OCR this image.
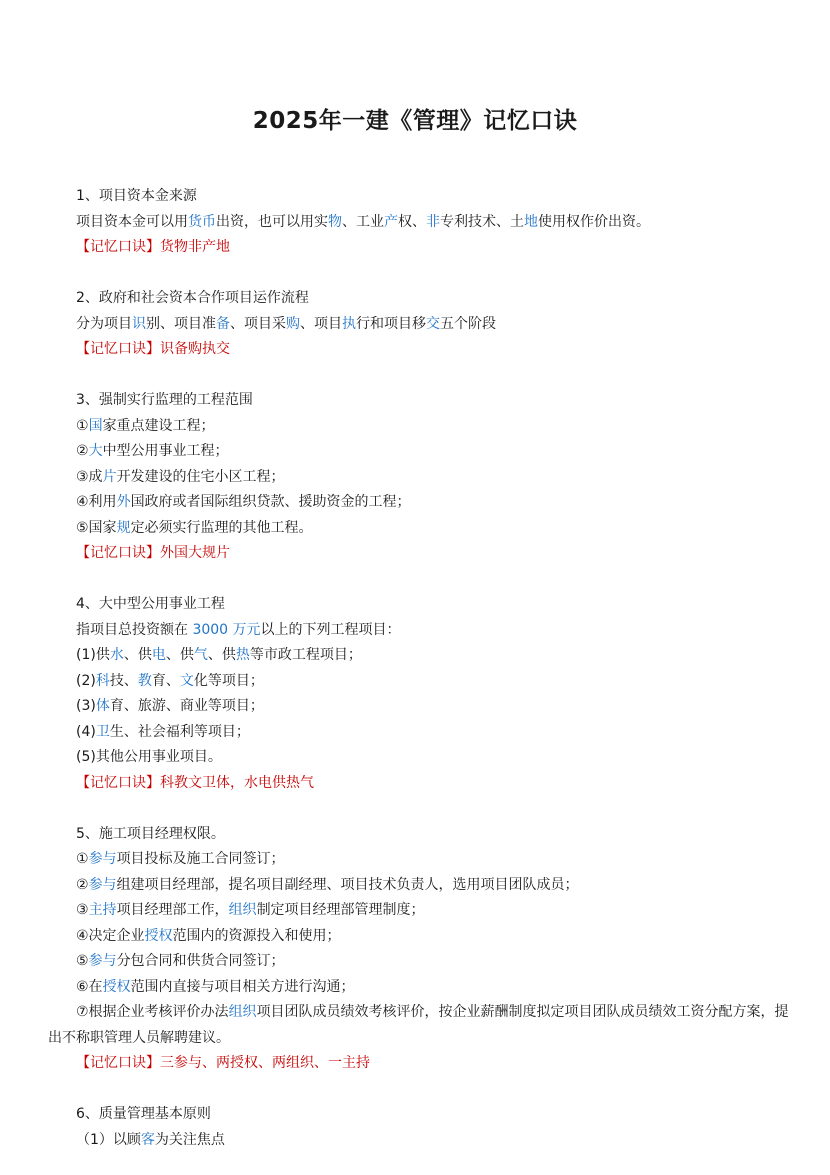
2025年一建《管理》记忆口诀
1、项目资本金来源
项目资本金可以用货币出资，也可以用实物、工业产权、非专利技术、土地使用权作价出资。
【记忆口诀】货物非产地
2、政府和社会资本合作项目运作流程
分为项目识别、项目准备、项目采购、项目执行和项目移交五个阶段
【记忆口诀】识备购执交
3、强制实行监理的工程范围
①国家重点建设工程；
②大中型公用事业工程；
③成片开发建设的住宅小区工程；
④利用外国政府或者国际组织贷款、援助资金的工程；
⑤国家规定必须实行监理的其他工程。
【记忆口诀】外国大规片
4、大中型公用事业工程
指项目总投资额在 3000 万元以上的下列工程项目：
(1)供水、供电、供气、供热等市政工程项目；
(2)科技、教育、文化等项目；
(3)体育、旅游、商业等项目；
(4)卫生、社会福利等项目；
(5)其他公用事业项目。
【记忆口诀】科教文卫体，水电供热气
5、施工项目经理权限。
①参与项目投标及施工合同签订；
②参与组建项目经理部，提名项目副经理、项目技术负责人，选用项目团队成员；
③主持项目经理部工作，组织制定项目经理部管理制度；
④决定企业授权范围内的资源投入和使用；
⑤参与分包合同和供货合同签订；
⑥在授权范围内直接与项目相关方进行沟通；
⑦根据企业考核评价办法组织项目团队成员绩效考核评价，按企业薪酬制度拟定项目团队成员绩效工资分配方案，提出不称职管理人员解聘建议。
【记忆口诀】三参与、两授权、两组织、一主持
6、质量管理基本原则
（1）以顾客为关注焦点
